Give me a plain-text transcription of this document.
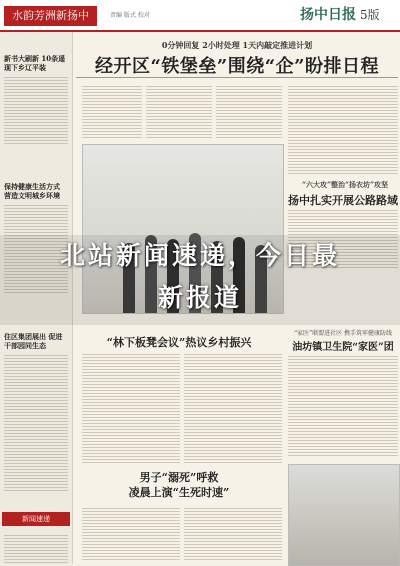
水韵芳洲新扬中	责编 版式 校对	扬中日报 5版
新书大刷新 10条遥现下乡辽平装
保持健康生活方式 营造文明城乡环境
住区集团展出 促进干部园同生态
新闻速递
0分钟回复 2小时处理 1天内敲定推进计划
经开区“铁堡垒”围绕“企”盼排日程
“六大攻”整治“扬衣坊”攻坚
扬中扎实开展公路路域
“家医”联盟进社区 携手筑牢健康防线
油坊镇卫生院“家医”团
“林下板凳会议”热议乡村振兴
男子“溺死”呼救
凌晨上演“生死时速”
北站新闻速递，今日最
新报道
